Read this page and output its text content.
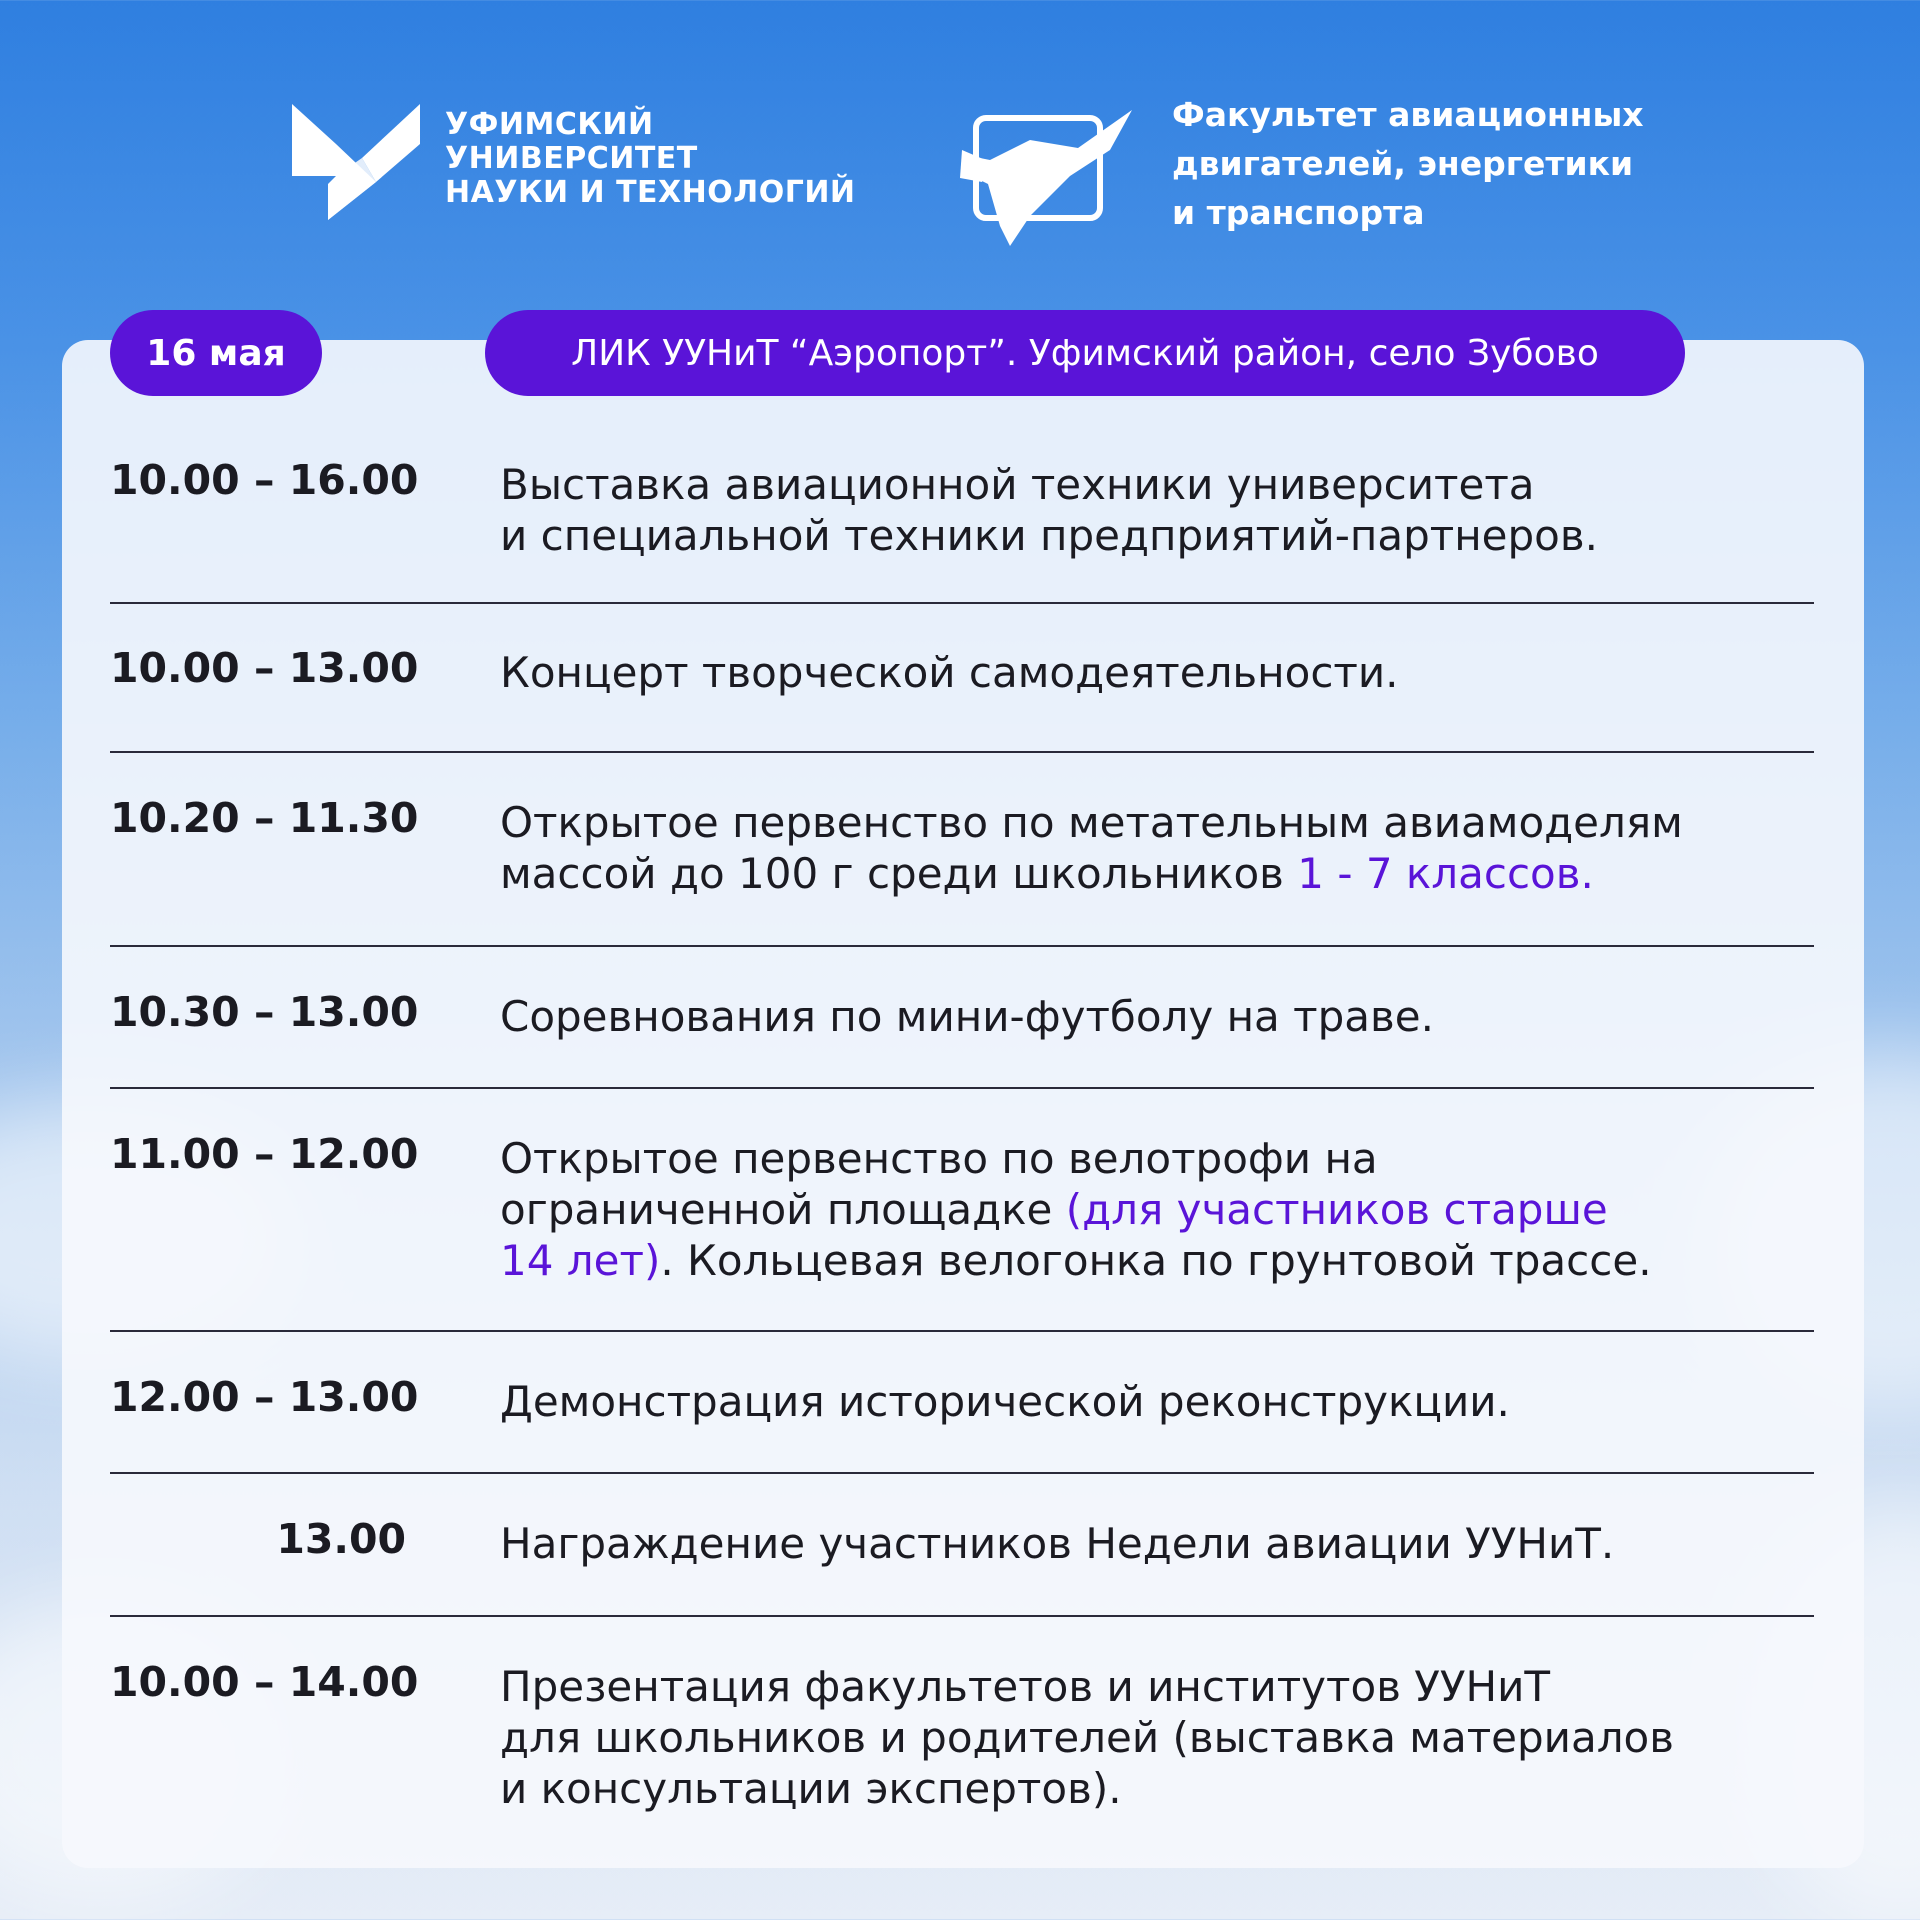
УФИМСКИЙ
УНИВЕРСИТЕТ
НАУКИ И ТЕХНОЛОГИЙ
Факультет авиационных
двигателей, энергетики
и транспорта
16 мая	ЛИК УУНиТ “Аэропорт”. Уфимский район, село Зубово
10.00 – 16.00 Выставка авиационной техники университета
и специальной техники предприятий-партнеров.
10.00 – 13.00 Концерт творческой самодеятельности.
10.20 – 11.30 Открытое первенство по метательным авиамоделям
массой до 100 г среди школьников 1 - 7 классов.
10.30 – 13.00 Соревнования по мини-футболу на траве.
11.00 – 12.00 Открытое первенство по велотрофи на
ограниченной площадке (для участников старше
14 лет). Кольцевая велогонка по грунтовой трассе.
12.00 – 13.00 Демонстрация исторической реконструкции.
13.00 Награждение участников Недели авиации УУНиТ.
10.00 – 14.00 Презентация факультетов и институтов УУНиТ
для школьников и родителей (выставка материалов
и консультации экспертов).
